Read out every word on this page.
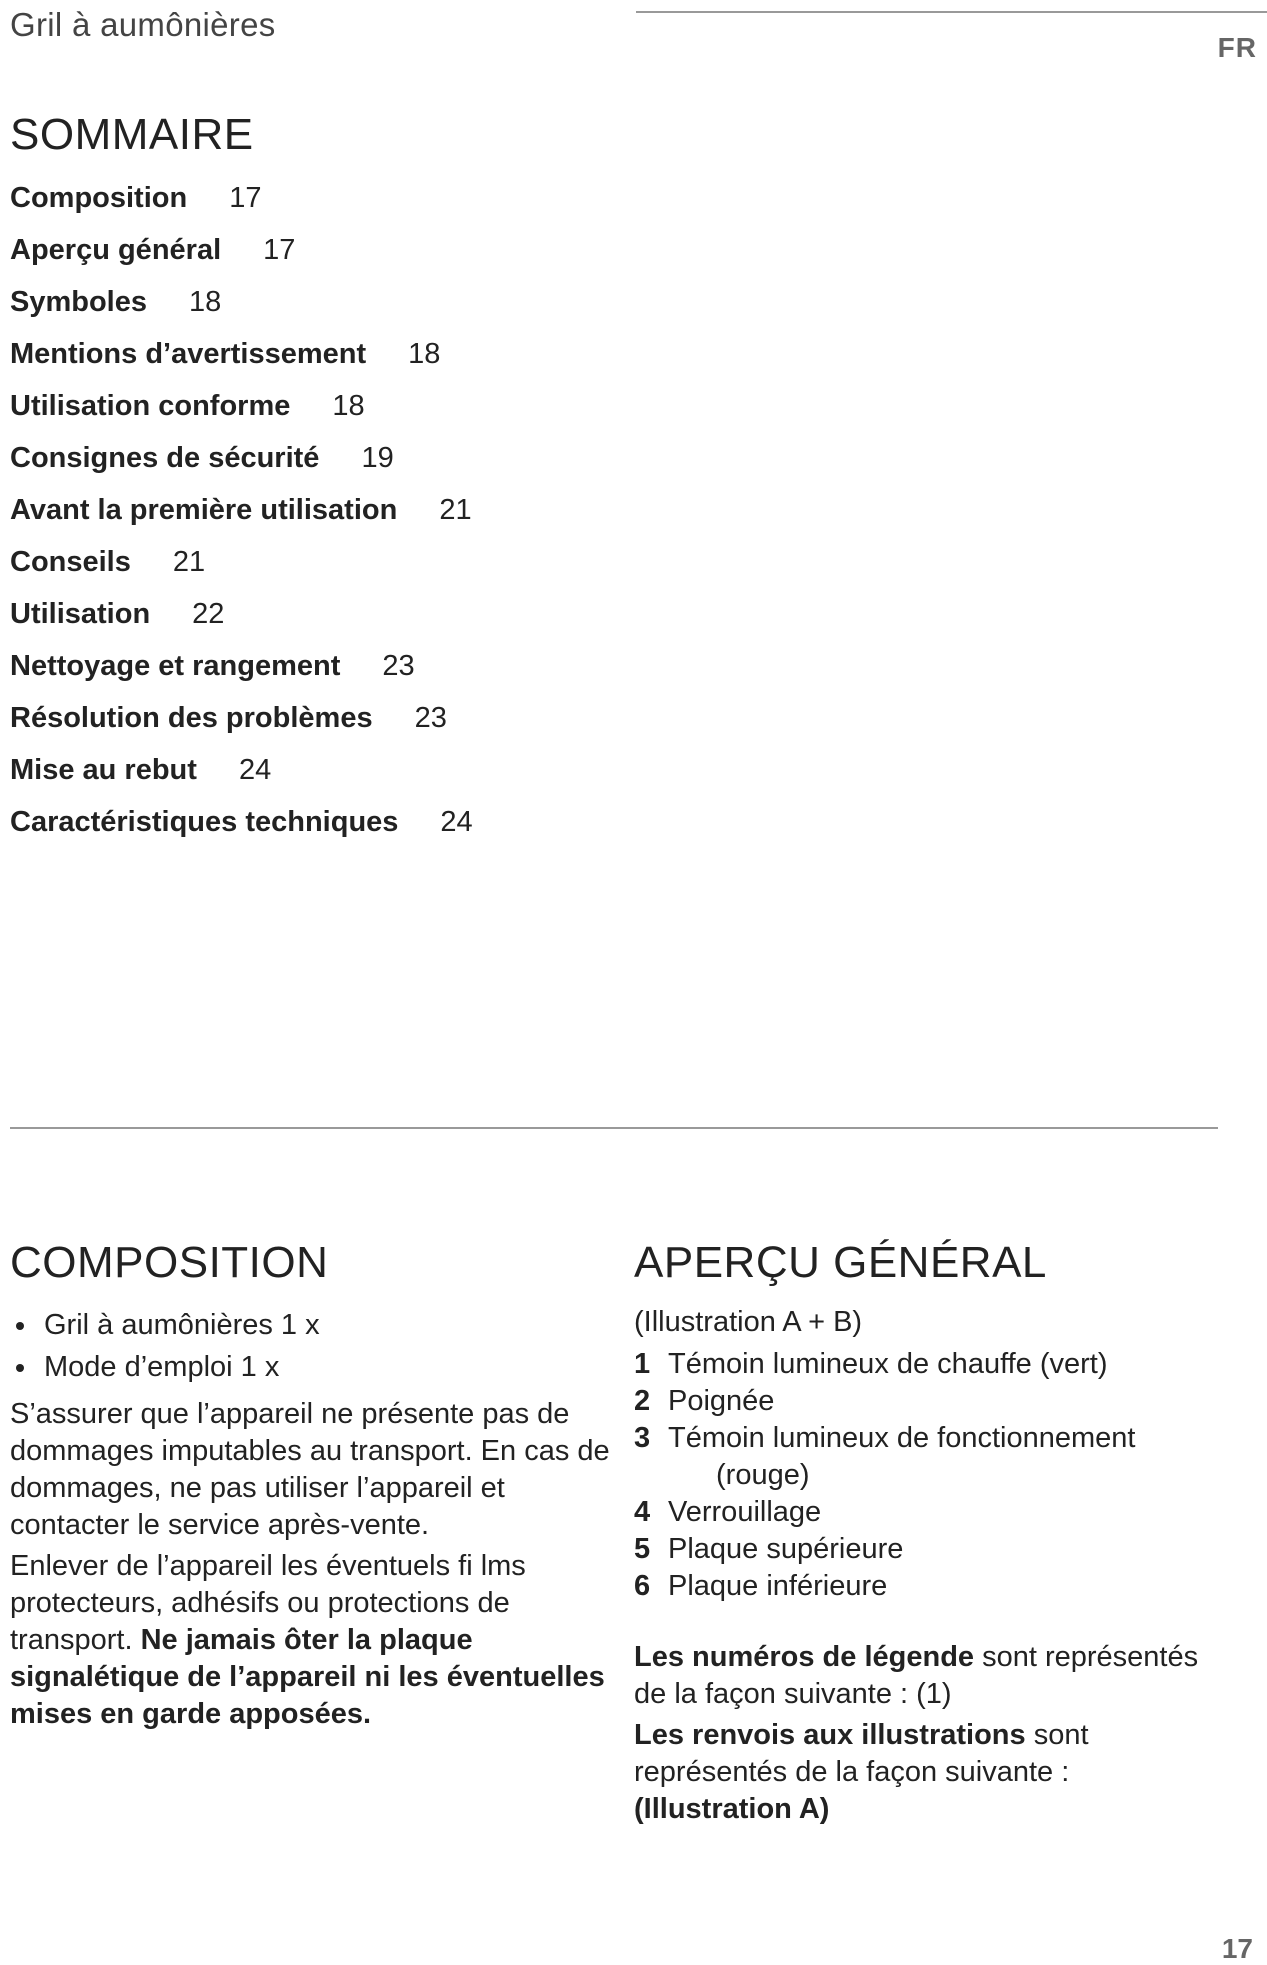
Gril à aumônières
FR
SOMMAIRE
Composition 17
Aperçu général 17
Symboles 18
Mentions d’avertissement 18
Utilisation conforme 18
Consignes de sécurité 19
Avant la première utilisation 21
Conseils 21
Utilisation 22
Nettoyage et rangement 23
Résolution des problèmes 23
Mise au rebut 24
Caractéristiques techniques 24
COMPOSITION
Gril à aumônières 1 x
Mode d’emploi 1 x

S’assurer que l’appareil ne présente pas de dommages imputables au transport. En cas de dommages, ne pas utiliser l’appareil et contacter le service après-vente.

Enlever de l’appareil les éventuels fi lms protecteurs, adhésifs ou protections de transport. Ne jamais ôter la plaque signalétique de l’appareil ni les éventuelles mises en garde apposées.

APERÇU GÉNÉRAL
(Illustration A + B)
1 Témoin lumineux de chauffe (vert)
2 Poignée
3 Témoin lumineux de fonctionnement
(rouge)
4 Verrouillage
5 Plaque supérieure
6 Plaque inférieure

Les numéros de légende sont représentés de la façon suivante : (1)

Les renvois aux illustrations sont représentés de la façon suivante : (Illustration A)

17
